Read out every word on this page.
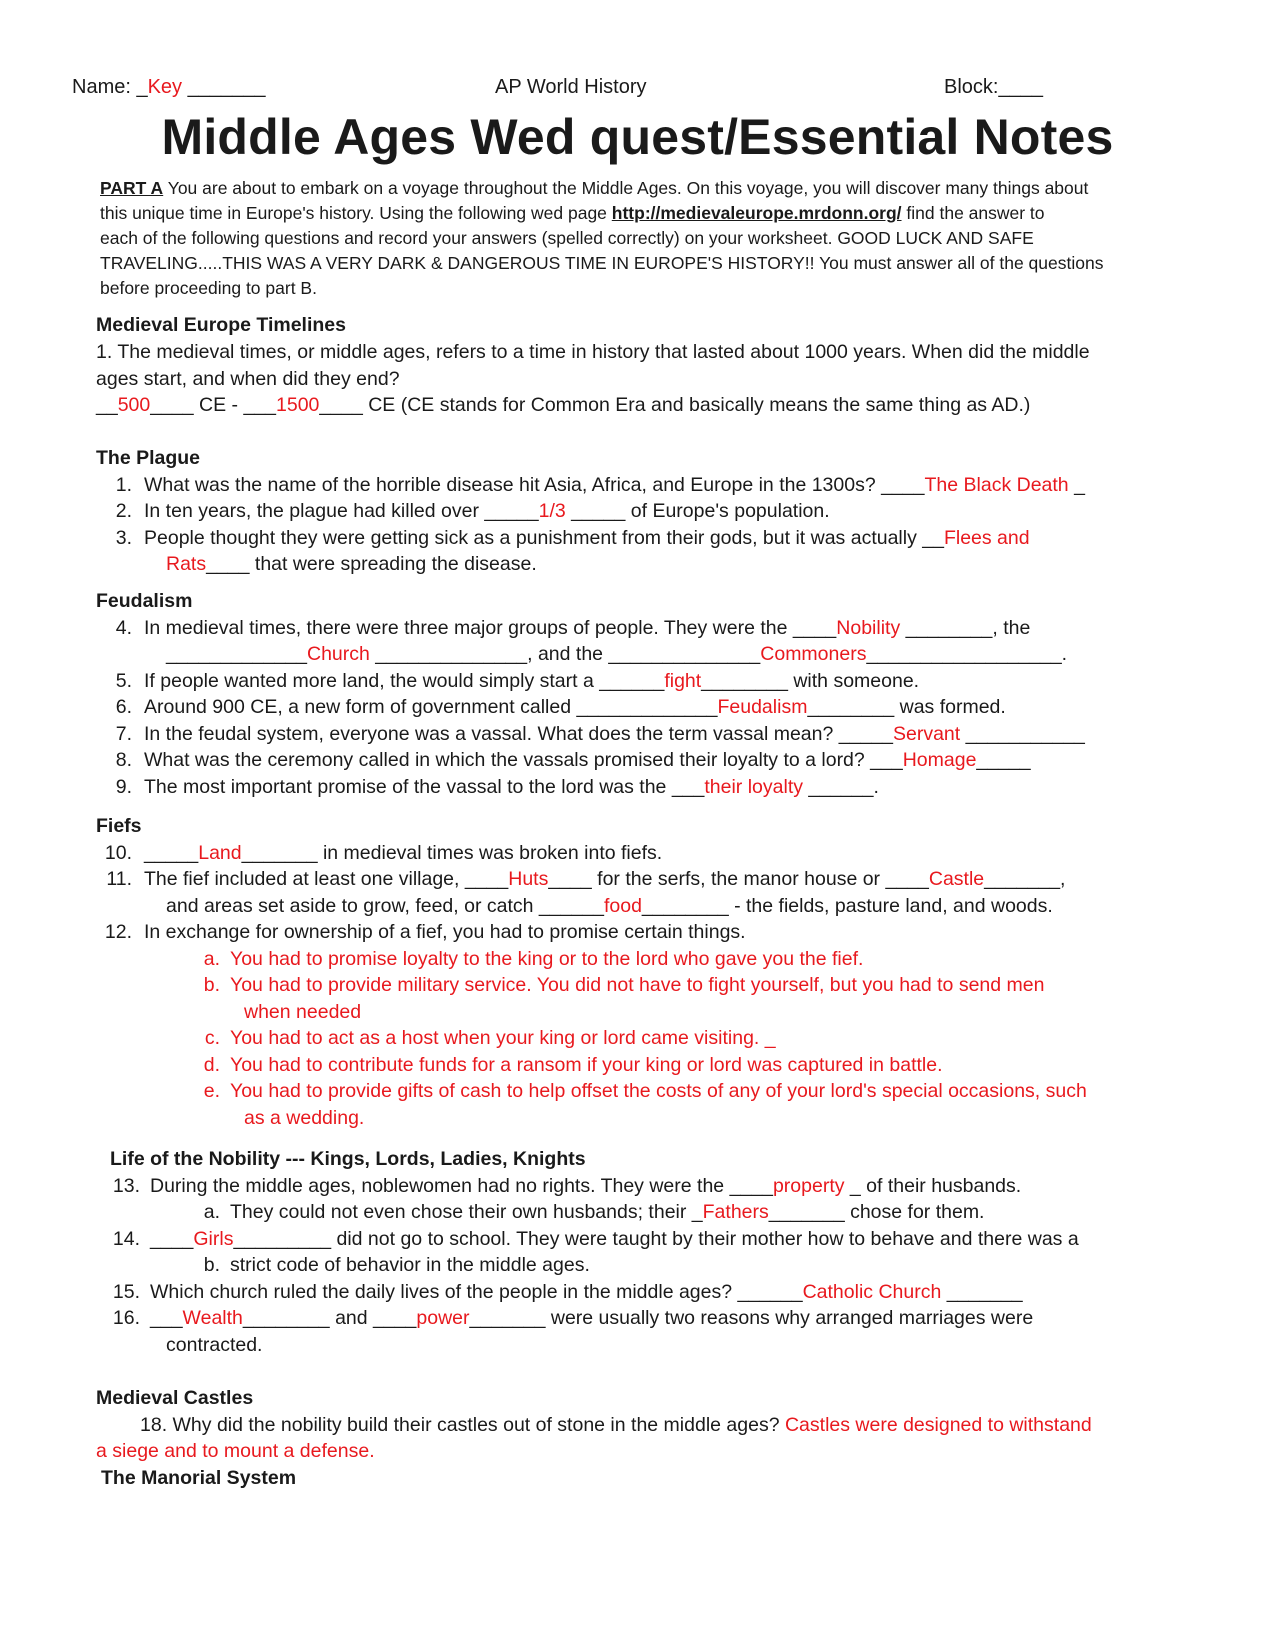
Name: _Key _______	AP World History	Block:____
Middle Ages Wed quest/Essential Notes
PART A You are about to embark on a voyage throughout the Middle Ages. On this voyage, you will discover many things about
this unique time in Europe's history. Using the following wed page http://medievaleurope.mrdonn.org/ find the answer to
each of the following questions and record your answers (spelled correctly) on your worksheet. GOOD LUCK AND SAFE
TRAVELING.....THIS WAS A VERY DARK & DANGEROUS TIME IN EUROPE'S HISTORY!! You must answer all of the questions
before proceeding to part B.
Medieval Europe Timelines
1. The medieval times, or middle ages, refers to a time in history that lasted about 1000 years. When did the middle
ages start, and when did they end?
__500____ CE - ___1500____ CE (CE stands for Common Era and basically means the same thing as AD.)
The Plague
1. What was the name of the horrible disease hit Asia, Africa, and Europe in the 1300s? ____The Black Death _
2. In ten years, the plague had killed over _____1/3 _____ of Europe's population.
3. People thought they were getting sick as a punishment from their gods, but it was actually __Flees and
Rats____ that were spreading the disease.
Feudalism
4. In medieval times, there were three major groups of people. They were the ____Nobility ________, the
_____________Church ______________, and the ______________Commoners__________________.
5. If people wanted more land, the would simply start a ______fight________ with someone.
6. Around 900 CE, a new form of government called _____________Feudalism________ was formed.
7. In the feudal system, everyone was a vassal. What does the term vassal mean? _____Servant ___________
8. What was the ceremony called in which the vassals promised their loyalty to a lord? ___Homage_____
9. The most important promise of the vassal to the lord was the ___their loyalty ______.
Fiefs
10. _____Land_______ in medieval times was broken into fiefs.
11. The fief included at least one village, ____Huts____ for the serfs, the manor house or ____Castle_______,
and areas set aside to grow, feed, or catch ______food________ - the fields, pasture land, and woods.
12. In exchange for ownership of a fief, you had to promise certain things.
a. You had to promise loyalty to the king or to the lord who gave you the fief.
b. You had to provide military service. You did not have to fight yourself, but you had to send men
when needed
c. You had to act as a host when your king or lord came visiting. _
d. You had to contribute funds for a ransom if your king or lord was captured in battle.
e. You had to provide gifts of cash to help offset the costs of any of your lord's special occasions, such
as a wedding.
Life of the Nobility --- Kings, Lords, Ladies, Knights
13. During the middle ages, noblewomen had no rights. They were the ____property _ of their husbands.
a. They could not even chose their own husbands; their _Fathers_______ chose for them.
14. ____Girls_________ did not go to school. They were taught by their mother how to behave and there was a
b. strict code of behavior in the middle ages.
15. Which church ruled the daily lives of the people in the middle ages? ______Catholic Church _______
16. ___Wealth________ and ____power_______ were usually two reasons why arranged marriages were
contracted.
Medieval Castles
18. Why did the nobility build their castles out of stone in the middle ages? Castles were designed to withstand
a siege and to mount a defense.
The Manorial System
